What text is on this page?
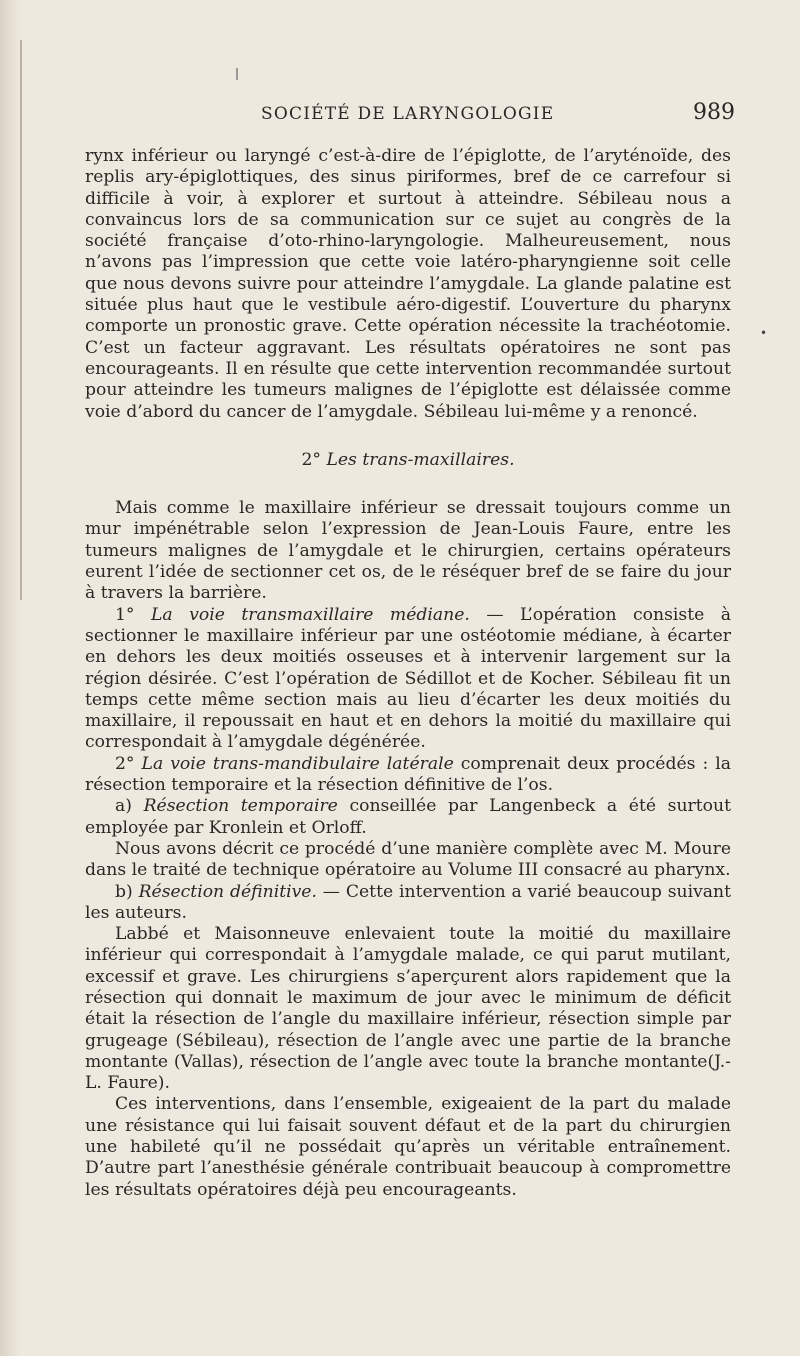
SOCIÉTÉ DE LARYNGOLOGIE	989
•

rynx inférieur ou laryngé c’est-à-dire de l’épiglotte, de l’aryténoïde, des replis ary-épiglottiques, des sinus piriformes, bref de ce carrefour si difficile à voir, à explorer et surtout à atteindre. Sébileau nous a convaincus lors de sa communication sur ce sujet au congrès de la société française d’oto-rhino-laryngologie. Malheureusement, nous n’avons pas l’impression que cette voie latéro-pharyngienne soit celle que nous devons suivre pour atteindre l’amygdale. La glande palatine est située plus haut que le vestibule aéro-digestif. L’ouverture du pharynx comporte un pronostic grave. Cette opération nécessite la trachéotomie. C’est un facteur aggravant. Les résultats opératoires ne sont pas encourageants. Il en résulte que cette intervention recommandée surtout pour atteindre les tumeurs malignes de l’épiglotte est délaissée comme voie d’abord du cancer de l’amygdale. Sébileau lui-même y a renoncé.

2° Les trans-maxillaires.

Mais comme le maxillaire inférieur se dressait toujours comme un mur impénétrable selon l’expression de Jean-Louis Faure, entre les tumeurs malignes de l’amygdale et le chirurgien, certains opérateurs eurent l’idée de sectionner cet os, de le réséquer bref de se faire du jour à travers la barrière.

1° La voie transmaxillaire médiane. — L’opération consiste à sectionner le maxillaire inférieur par une ostéotomie médiane, à écarter en dehors les deux moitiés osseuses et à intervenir largement sur la région désirée. C’est l’opération de Sédillot et de Kocher. Sébileau fit un temps cette même section mais au lieu d’écarter les deux moitiés du maxillaire, il repoussait en haut et en dehors la moitié du maxillaire qui correspondait à l’amygdale dégénérée.

2° La voie trans-mandibulaire latérale comprenait deux procédés : la résection temporaire et la résection définitive de l’os.

a) Résection temporaire conseillée par Langenbeck a été surtout employée par Kronlein et Orloff.

Nous avons décrit ce procédé d’une manière complète avec M. Moure dans le traité de technique opératoire au Volume III consacré au pharynx.

b) Résection définitive. — Cette intervention a varié beaucoup suivant les auteurs.

Labbé et Maisonneuve enlevaient toute la moitié du maxillaire inférieur qui correspondait à l’amygdale malade, ce qui parut mutilant, excessif et grave. Les chirurgiens s’aperçurent alors rapidement que la résection qui donnait le maximum de jour avec le minimum de déficit était la résection de l’angle du maxillaire inférieur, résection simple par grugeage (Sébileau), résection de l’angle avec une partie de la branche montante (Vallas), résection de l’angle avec toute la branche montante(J.-L. Faure).

Ces interventions, dans l’ensemble, exigeaient de la part du malade une résistance qui lui faisait souvent défaut et de la part du chirurgien une habileté qu’il ne possédait qu’après un véritable entraînement. D’autre part l’anesthésie générale contribuait beaucoup à compromettre les résultats opératoires déjà peu encourageants.
